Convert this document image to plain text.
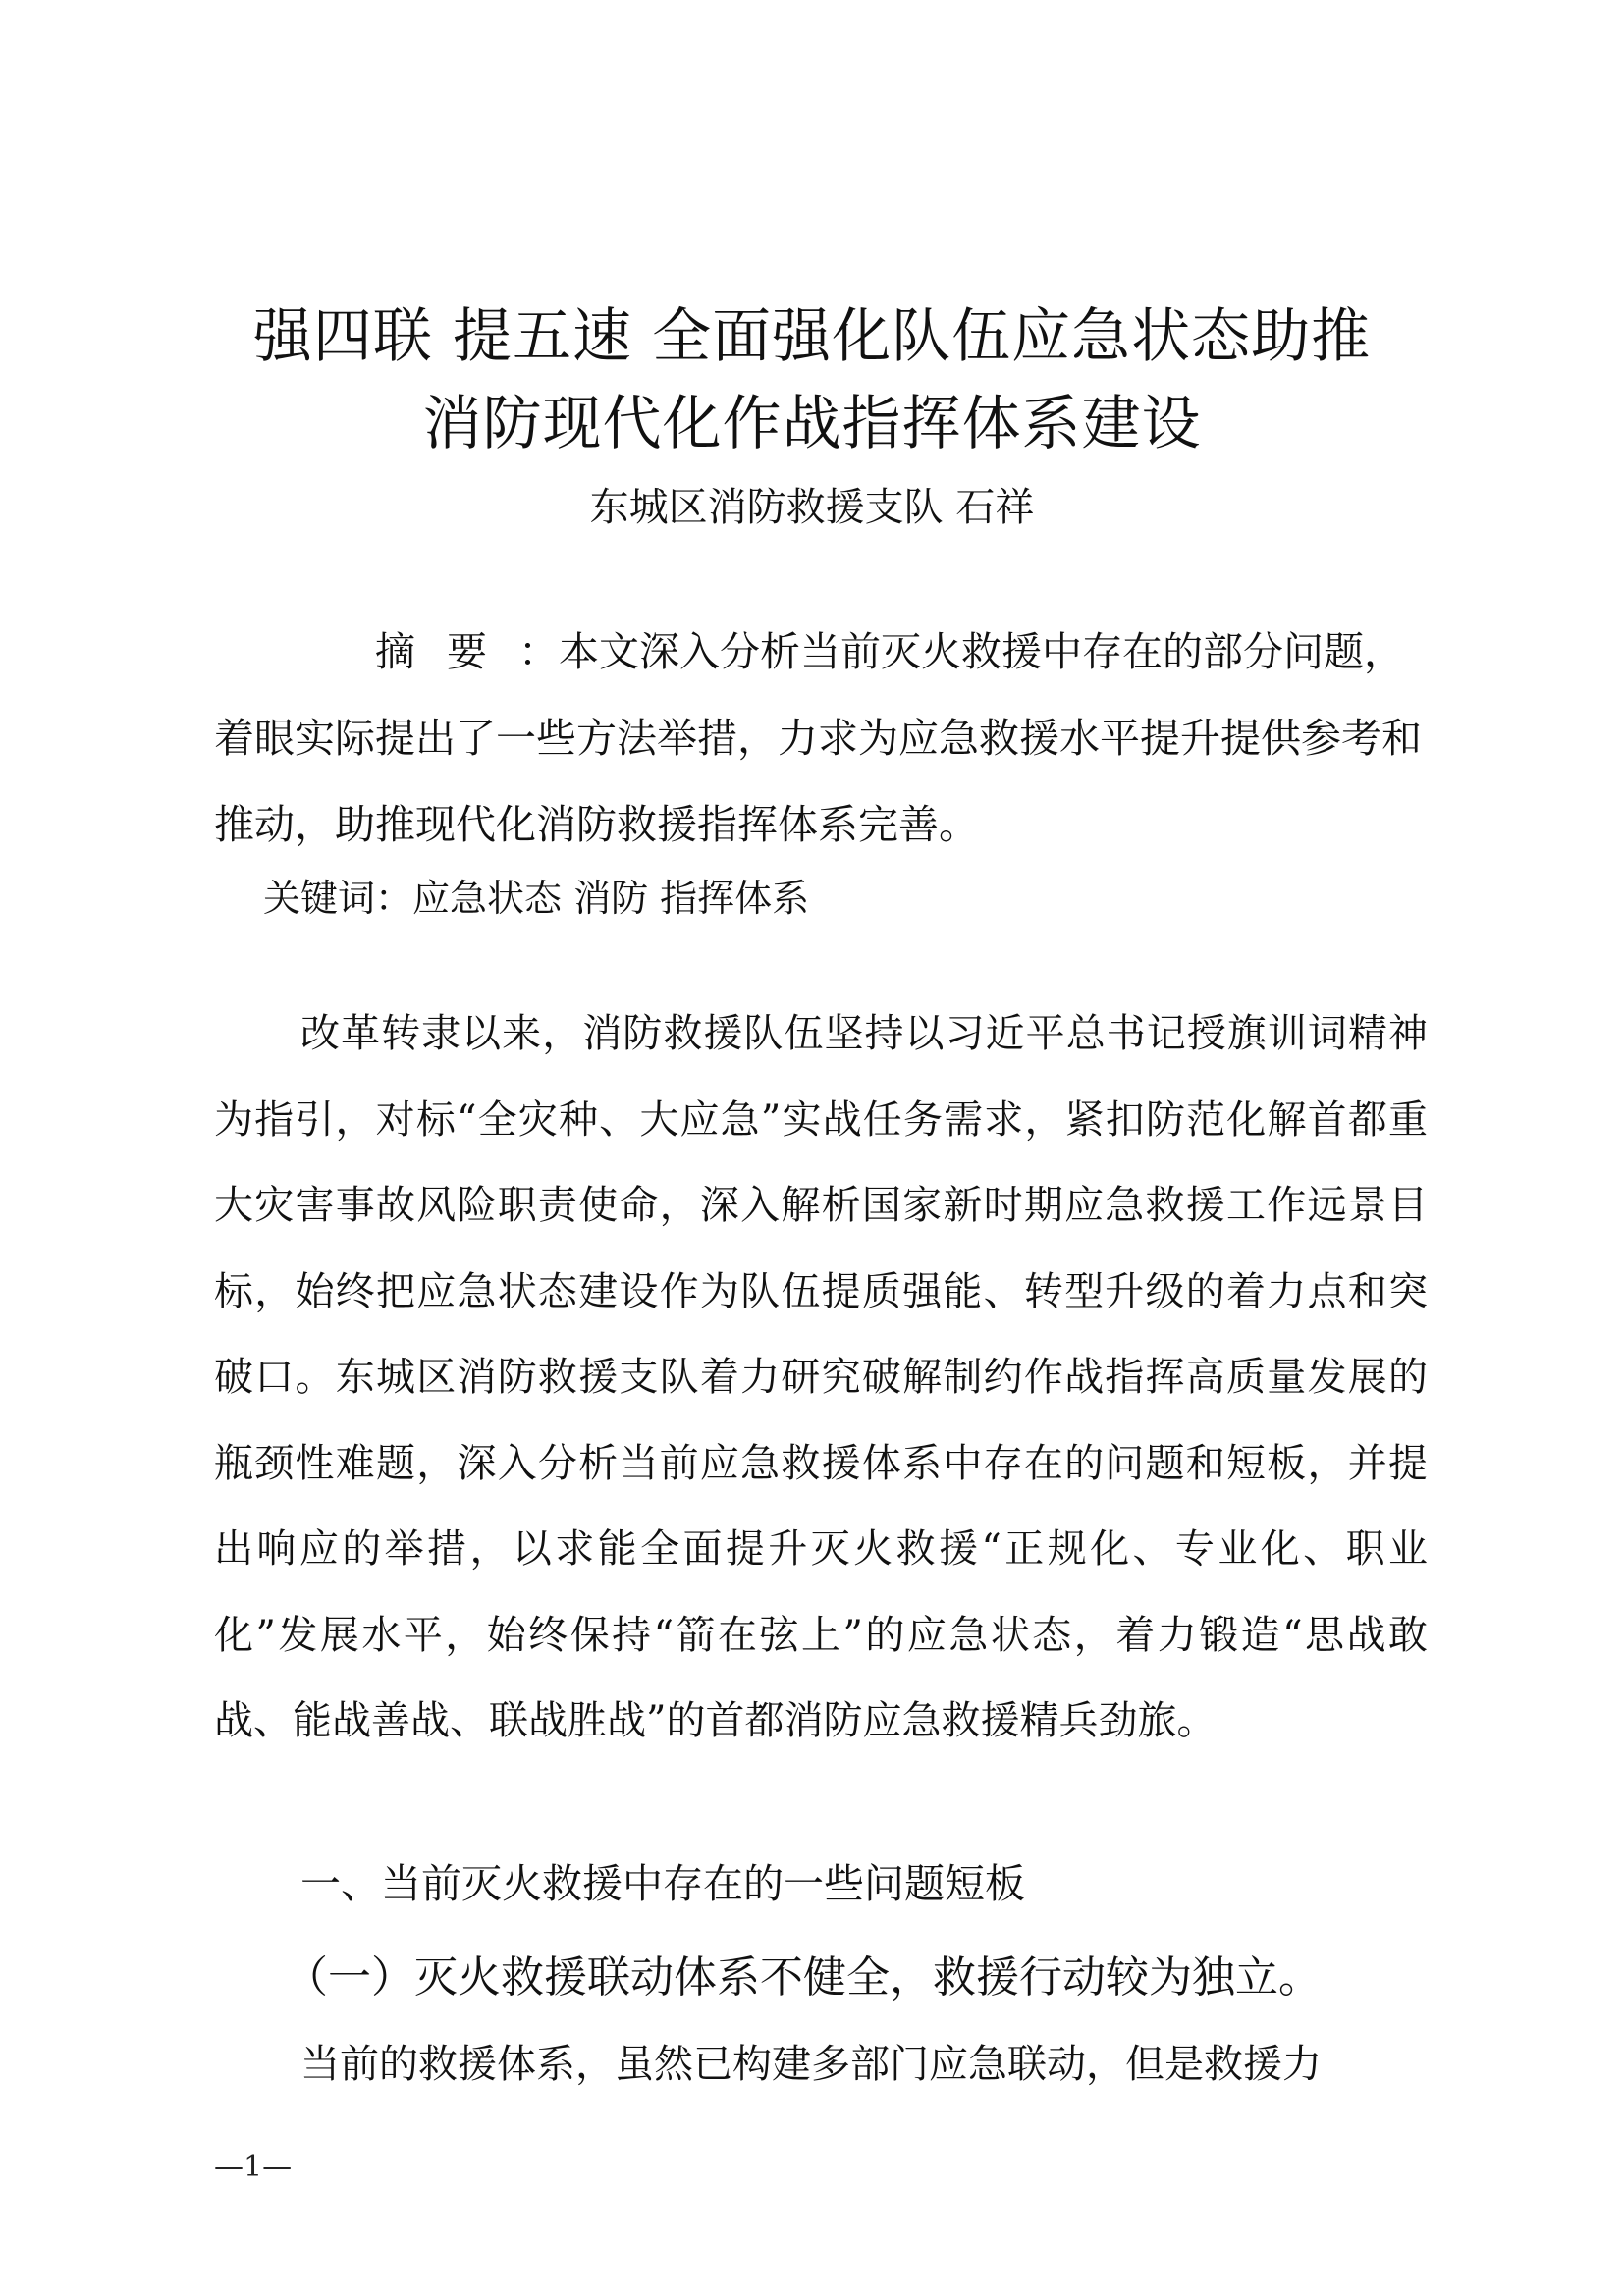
强四联 提五速 全面强化队伍应急状态助推
消防现代化作战指挥体系建设
东城区消防救援支队 石祥
摘要：本文深入分析当前灭火救援中存在的部分问题，着眼实际提出了一些方法举措，力求为应急救援水平提升提供参考和推动，助推现代化消防救援指挥体系完善。
关键词：应急状态 消防 指挥体系

改革转隶以来，消防救援队伍坚持以习近平总书记授旗训词精神为指引，对标“全灾种、大应急”实战任务需求，紧扣防范化解首都重大灾害事故风险职责使命，深入解析国家新时期应急救援工作远景目标，始终把应急状态建设作为队伍提质强能、转型升级的着力点和突破口。东城区消防救援支队着力研究破解制约作战指挥高质量发展的瓶颈性难题，深入分析当前应急救援体系中存在的问题和短板，并提出响应的举措，以求能全面提升灭火救援“正规化、专业化、职业化”发展水平，始终保持“箭在弦上”的应急状态，着力锻造“思战敢战、能战善战、联战胜战”的首都消防应急救援精兵劲旅。

一、当前灭火救援中存在的一些问题短板
（一）灭火救援联动体系不健全，救援行动较为独立。
当前的救援体系，虽然已构建多部门应急联动，但是救援力
—1—
